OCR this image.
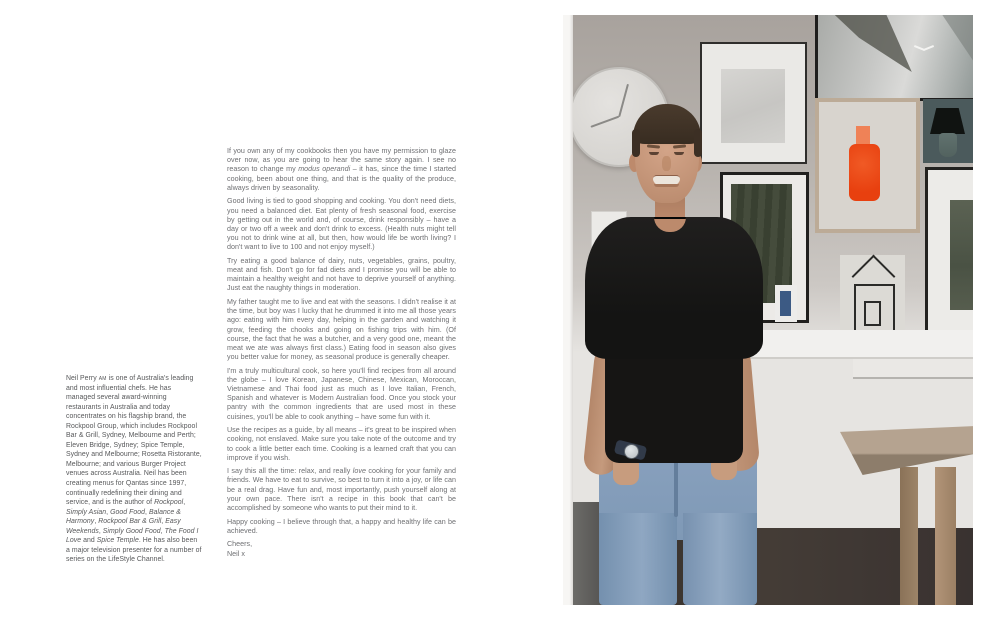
Neil Perry am is one of Australia's leading and most influential chefs. He has managed several award-winning restaurants in Australia and today concentrates on his flagship brand, the Rockpool Group, which includes Rockpool Bar & Grill, Sydney, Melbourne and Perth; Eleven Bridge, Sydney; Spice Temple, Sydney and Melbourne; Rosetta Ristorante, Melbourne; and various Burger Project venues across Australia. Neil has been creating menus for Qantas since 1997, continually redefining their dining and service, and is the author of Rockpool, Simply Asian, Good Food, Balance & Harmony, Rockpool Bar & Grill, Easy Weekends, Simply Good Food, The Food I Love and Spice Temple. He has also been a major television presenter for a number of series on the LifeStyle Channel.

If you own any of my cookbooks then you have my permission to glaze over now, as you are going to hear the same story again. I see no reason to change my modus operandi – it has, since the time I started cooking, been about one thing, and that is the quality of the produce, always driven by seasonality.

Good living is tied to good shopping and cooking. You don't need diets, you need a balanced diet. Eat plenty of fresh seasonal food, exercise by getting out in the world and, of course, drink responsibly – have a day or two off a week and don't drink to excess. (Health nuts might tell you not to drink wine at all, but then, how would life be worth living? I don't want to live to 100 and not enjoy myself.)

Try eating a good balance of dairy, nuts, vegetables, grains, poultry, meat and fish. Don't go for fad diets and I promise you will be able to maintain a healthy weight and not have to deprive yourself of anything. Just eat the naughty things in moderation.

My father taught me to live and eat with the seasons. I didn't realise it at the time, but boy was I lucky that he drummed it into me all those years ago: eating with him every day, helping in the garden and watching it grow, feeding the chooks and going on fishing trips with him. (Of course, the fact that he was a butcher, and a very good one, meant the meat we ate was always first class.) Eating food in season also gives you better value for money, as seasonal produce is generally cheaper.

I'm a truly multicultural cook, so here you'll find recipes from all around the globe – I love Korean, Japanese, Chinese, Mexican, Moroccan, Vietnamese and Thai food just as much as I love Italian, French, Spanish and whatever is Modern Australian food. Once you stock your pantry with the common ingredients that are used most in these cuisines, you'll be able to cook anything – have some fun with it.

Use the recipes as a guide, by all means – it's great to be inspired when cooking, not enslaved. Make sure you take note of the outcome and try to cook a little better each time. Cooking is a learned craft that you can improve if you wish.

I say this all the time: relax, and really love cooking for your family and friends. We have to eat to survive, so best to turn it into a joy, or life can be a real drag. Have fun and, most importantly, push yourself along at your own pace. There isn't a recipe in this book that can't be accomplished by someone who wants to put their mind to it.

Happy cooking – I believe through that, a happy and healthy life can be achieved.

Cheers,
Neil x
